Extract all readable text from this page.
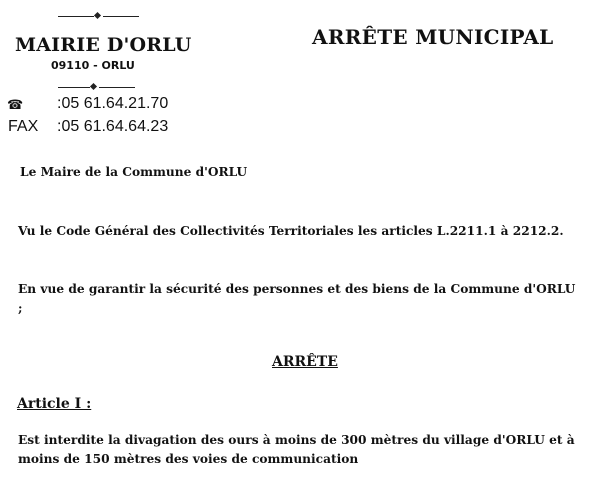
MAIRIE D'ORLU
09110 - ORLU
ARRÊTE MUNICIPAL
☎ :05 61.64.21.70
FAX :05 61.64.64.23
Le Maire de la Commune d'ORLU
Vu le Code Général des Collectivités Territoriales les articles L.2211.1 à 2212.2.
En vue de garantir la sécurité des personnes et des biens de la Commune d'ORLU ;
ARRÊTE
Article I :
Est interdite la divagation des ours à moins de 300 mètres du village d'ORLU et à moins de 150 mètres des voies de communication
